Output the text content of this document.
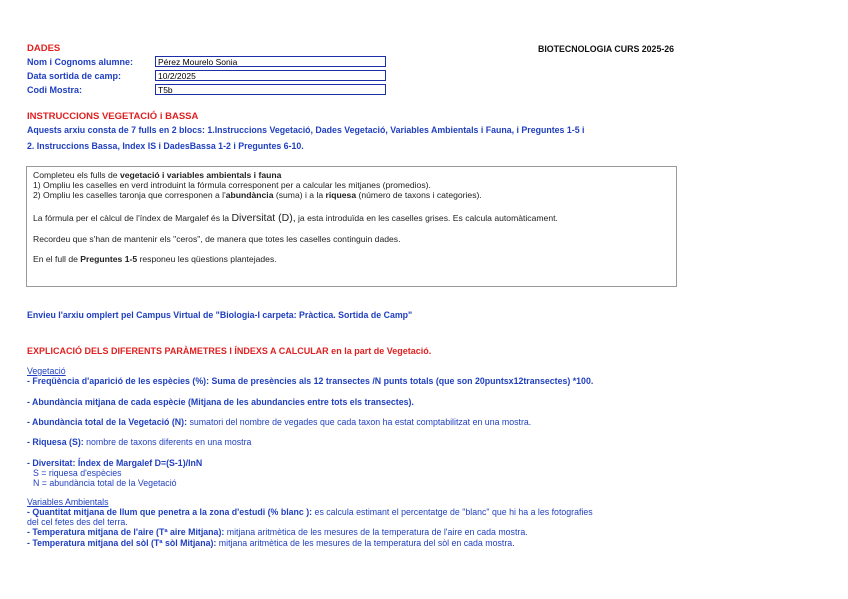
DADES	BIOTECNOLOGIA CURS 2025-26
Nom i Cognoms alumne:	Pérez Mourelo Sonia
Data sortida de camp:	10/2/2025
Codi Mostra:	T5b
INSTRUCCIONS VEGETACIÓ i BASSA
Aquests arxiu consta de 7 fulls en 2 blocs: 1.Instruccions Vegetació, Dades Vegetació, Variables Ambientals i Fauna, i Preguntes 1-5 i
2. Instruccions Bassa, Index IS i DadesBassa 1-2 i Preguntes 6-10.
Completeu els fulls de vegetació i variables ambientals i fauna
1) Ompliu les caselles en verd introduint la fórmula corresponent per a calcular les mitjanes (promedios).
2) Ompliu les caselles taronja que corresponen a l'abundància (suma) i a la riquesa (número de taxons i categories).
La fórmula per el càlcul de l'índex de Margalef és la Diversitat (D), ja esta introduïda en les caselles grises. Es calcula automàticament.
Recordeu que s'han de mantenir els "ceros", de manera que totes les caselles continguin dades.
En el full de Preguntes 1-5 responeu les qüestions plantejades.
Envieu l'arxiu omplert pel Campus Virtual de "Biologia-I carpeta: Pràctica. Sortida de Camp"
EXPLICACIÓ DELS DIFERENTS PARÀMETRES I ÍNDEXS A CALCULAR en la part de Vegetació.
Vegetació
- Freqüència d'aparició de les espècies (%): Suma de presències als 12 transectes /N punts totals (que son 20puntsx12transectes) *100.
- Abundància mitjana de cada espècie (Mitjana de les abundancies entre tots els transectes).
- Abundància total de la Vegetació (N): sumatori del nombre de vegades que cada taxon ha estat comptabilitzat en una mostra.
- Riquesa (S): nombre de taxons diferents en una mostra
- Diversitat: Índex de Margalef D=(S-1)/lnN
S = riquesa d'espècies
N = abundància total de la Vegetació
Variables Ambientals
- Quantitat mitjana de llum que penetra a la zona d'estudi (% blanc ): es calcula estimant el percentatge de "blanc" que hi ha a les fotografies
del cel fetes des del terra.
- Temperatura mitjana de l'aire (Tª aire Mitjana): mitjana aritmètica de les mesures de la temperatura de l'aire en cada mostra.
- Temperatura mitjana del sòl (Tª sòl Mitjana): mitjana aritmètica de les mesures de la temperatura del sòl en cada mostra.
